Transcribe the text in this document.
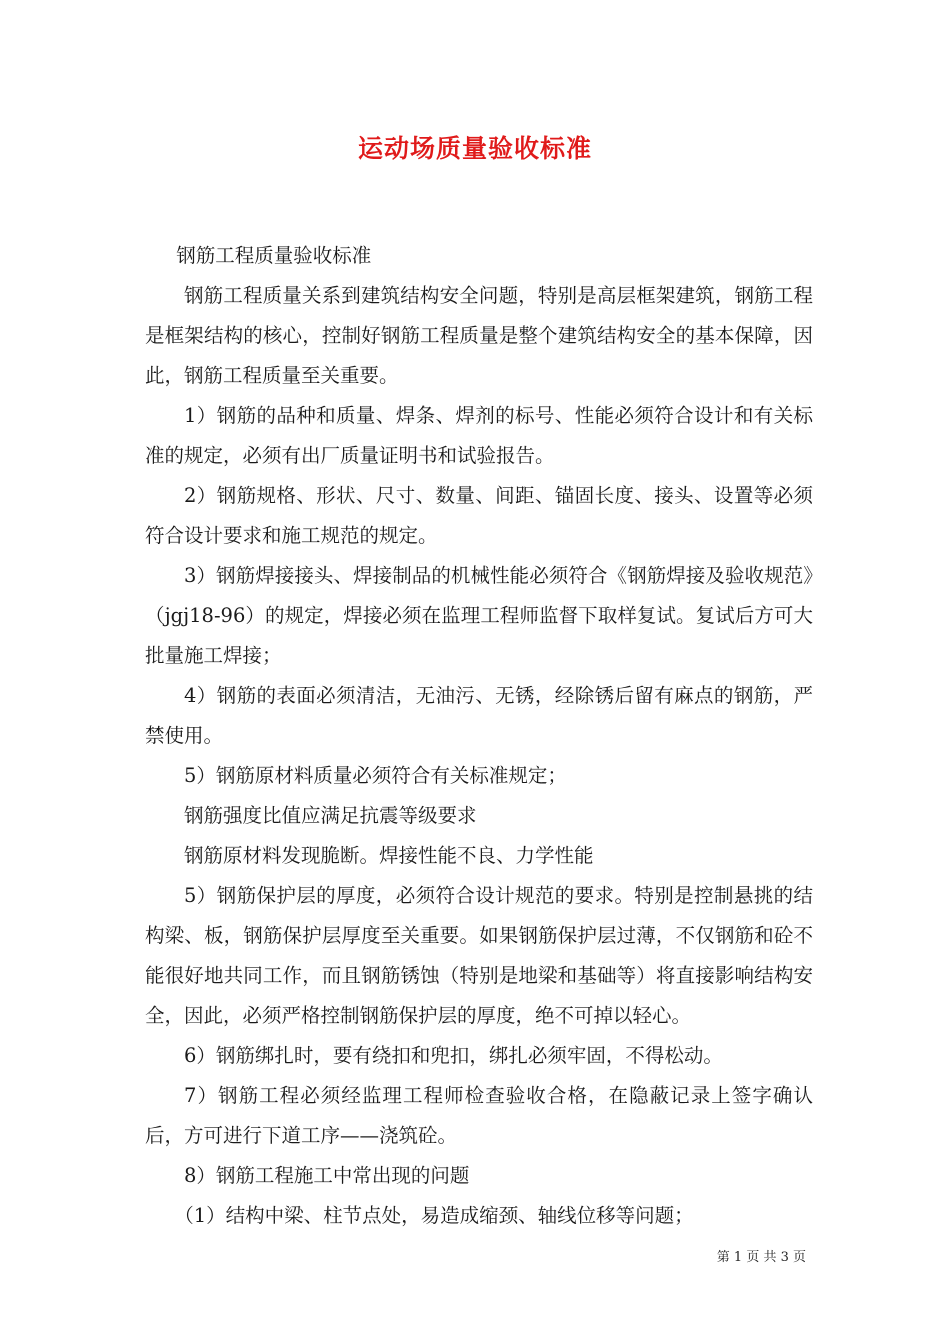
运动场质量验收标准

钢筋工程质量验收标准

钢筋工程质量关系到建筑结构安全问题，特别是高层框架建筑，钢筋工程是框架结构的核心，控制好钢筋工程质量是整个建筑结构安全的基本保障，因此，钢筋工程质量至关重要。

1）钢筋的品种和质量、焊条、焊剂的标号、性能必须符合设计和有关标准的规定，必须有出厂质量证明书和试验报告。

2）钢筋规格、形状、尺寸、数量、间距、锚固长度、接头、设置等必须符合设计要求和施工规范的规定。

3）钢筋焊接接头、焊接制品的机械性能必须符合《钢筋焊接及验收规范》（jgj18-96）的规定，焊接必须在监理工程师监督下取样复试。复试后方可大批量施工焊接；

4）钢筋的表面必须清洁，无油污、无锈，经除锈后留有麻点的钢筋，严禁使用。

5）钢筋原材料质量必须符合有关标准规定；

钢筋强度比值应满足抗震等级要求

钢筋原材料发现脆断。焊接性能不良、力学性能

5）钢筋保护层的厚度，必须符合设计规范的要求。特别是控制悬挑的结构梁、板，钢筋保护层厚度至关重要。如果钢筋保护层过薄，不仅钢筋和砼不能很好地共同工作，而且钢筋锈蚀（特别是地梁和基础等）将直接影响结构安全，因此，必须严格控制钢筋保护层的厚度，绝不可掉以轻心。

6）钢筋绑扎时，要有绕扣和兜扣，绑扎必须牢固，不得松动。

7）钢筋工程必须经监理工程师检查验收合格，在隐蔽记录上签字确认后，方可进行下道工序——浇筑砼。

8）钢筋工程施工中常出现的问题

（1）结构中梁、柱节点处，易造成缩颈、轴线位移等问题；

第 1 页 共 3 页
